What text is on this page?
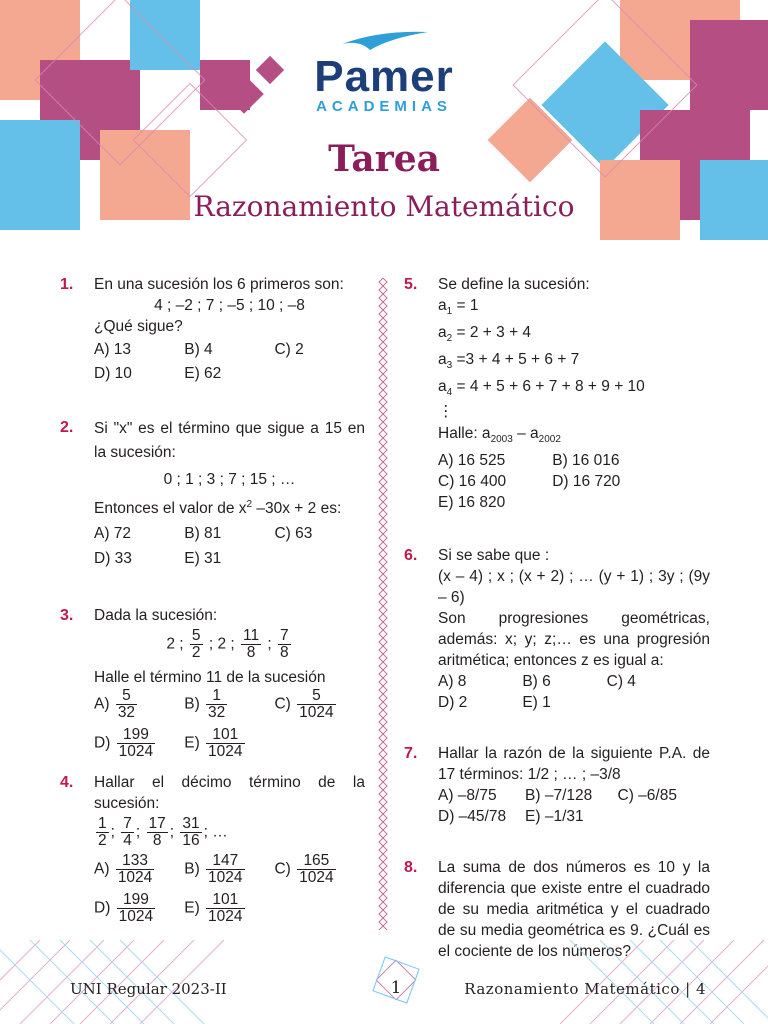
Pamer
ACADEMIAS
Tarea
Razonamiento Matemático
1. En una sucesión los 6 primeros son:
4 ; –2 ; 7 ; –5 ; 10 ; –8
¿Qué sigue?
A) 13	B) 4	C) 2
D) 10	E) 62
2. Si "x" es el término que sigue a 15 en la sucesión:
0 ; 1 ; 3 ; 7 ; 15 ; …
Entonces el valor de $x^2$ –30x + 2 es:
A) 72	B) 81	C) 63
D) 33	E) 31
3. Dada la sucesión:
2 ; $\frac{5}{2}$ ; 2 ; $\frac{11}{8}$ ; $\frac{7}{8}$
Halle el término 11 de la sucesión
$A) \frac{5}{32}$	$B) \frac{1}{32}$	$C) \frac{5}{1024}$
$D) \frac{199}{1024} E) \frac{101}{1024}$
4. Hallar el décimo término de la sucesión:
$\frac{1}{2}$ ; $\frac{7}{4}$ ; $\frac{17}{8}$ ; $\frac{31}{16}$ ; …
$A) \frac{133}{1024} B) \frac{147}{1024} C) \frac{165}{1024}$
$D) \frac{199}{1024} E) \frac{101}{1024}$
5. Se define la sucesión:
$a_1 = 1$
$a_2 = 2 + 3 + 4$
$a_3 =3 + 4 + 5 + 6 + 7$
$a_4 = 4 + 5 + 6 + 7 + 8 + 9 + 10$
⋮
Halle: $a_{2003} - a_{2002}$
A) 16 525	B) 16 016
C) 16 400	D) 16 720
E) 16 820
6. Si se sabe que :
(x – 4) ; x ; (x + 2) ; … (y + 1) ; 3y ; (9y – 6)
Son progresiones geométricas, además: x; y; z;… es una progresión aritmética; entonces z es igual a:
A) 8	B) 6	C) 4
D) 2	E) 1
7. Hallar la razón de la siguiente P.A. de 17 términos: 1/2 ; … ; –3/8
A) –8/75	B) –7/128	C) –6/85
D) –45/78	E) –1/31
8. La suma de dos números es 10 y la diferencia que existe entre el cuadrado de su media aritmética y el cuadrado de su media geométrica es 9. ¿Cuál es el cociente de los números?
UNI Regular 2023-II	1	Razonamiento Matemático | 4
